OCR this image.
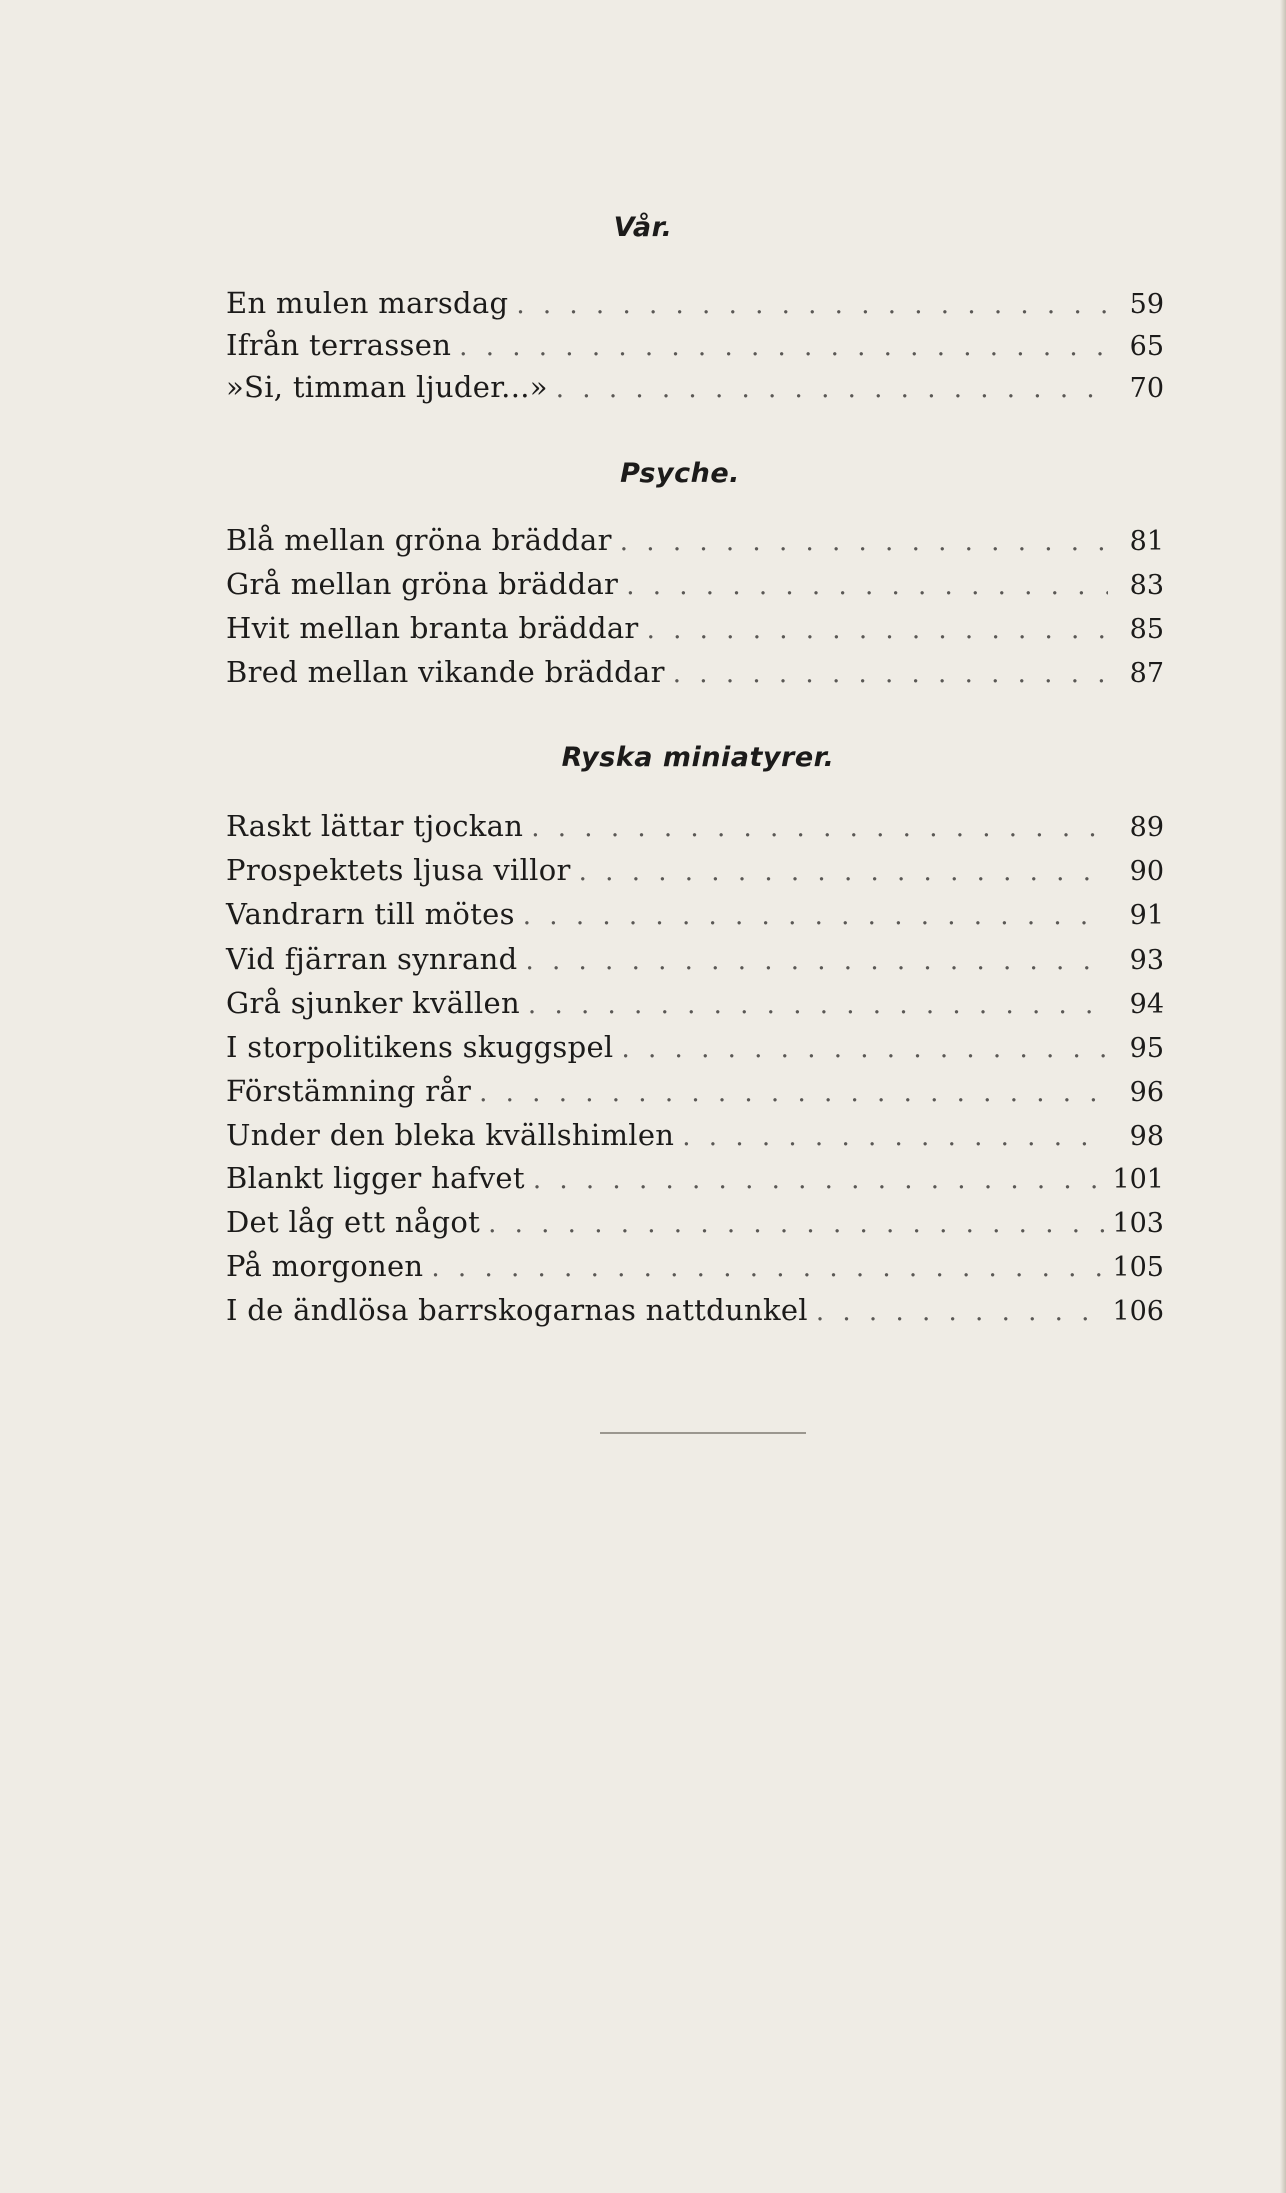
Vår.
En mulen marsdag . . .	59
Ifrån terrassen . . .	65
»Si, timman ljuder...» . . .	70
Psyche.
Blå mellan gröna bräddar . . .	81
Grå mellan gröna bräddar . . .	83
Hvit mellan branta bräddar . . .	85
Bred mellan vikande bräddar . . .	87
Ryska miniatyrer.
Raskt lättar tjockan . . .	89
Prospektets ljusa villor . . .	90
Vandrarn till mötes . . .	91
Vid fjärran synrand . . .	93
Grå sjunker kvällen . . .	94
I storpolitikens skuggspel . . .	95
Förstämning rår . . .	96
Under den bleka kvällshimlen . . .	98
Blankt ligger hafvet . . .	101
Det låg ett något . . .	103
På morgonen . . .	105
I de ändlösa barrskogarnas nattdunkel . . .	106
